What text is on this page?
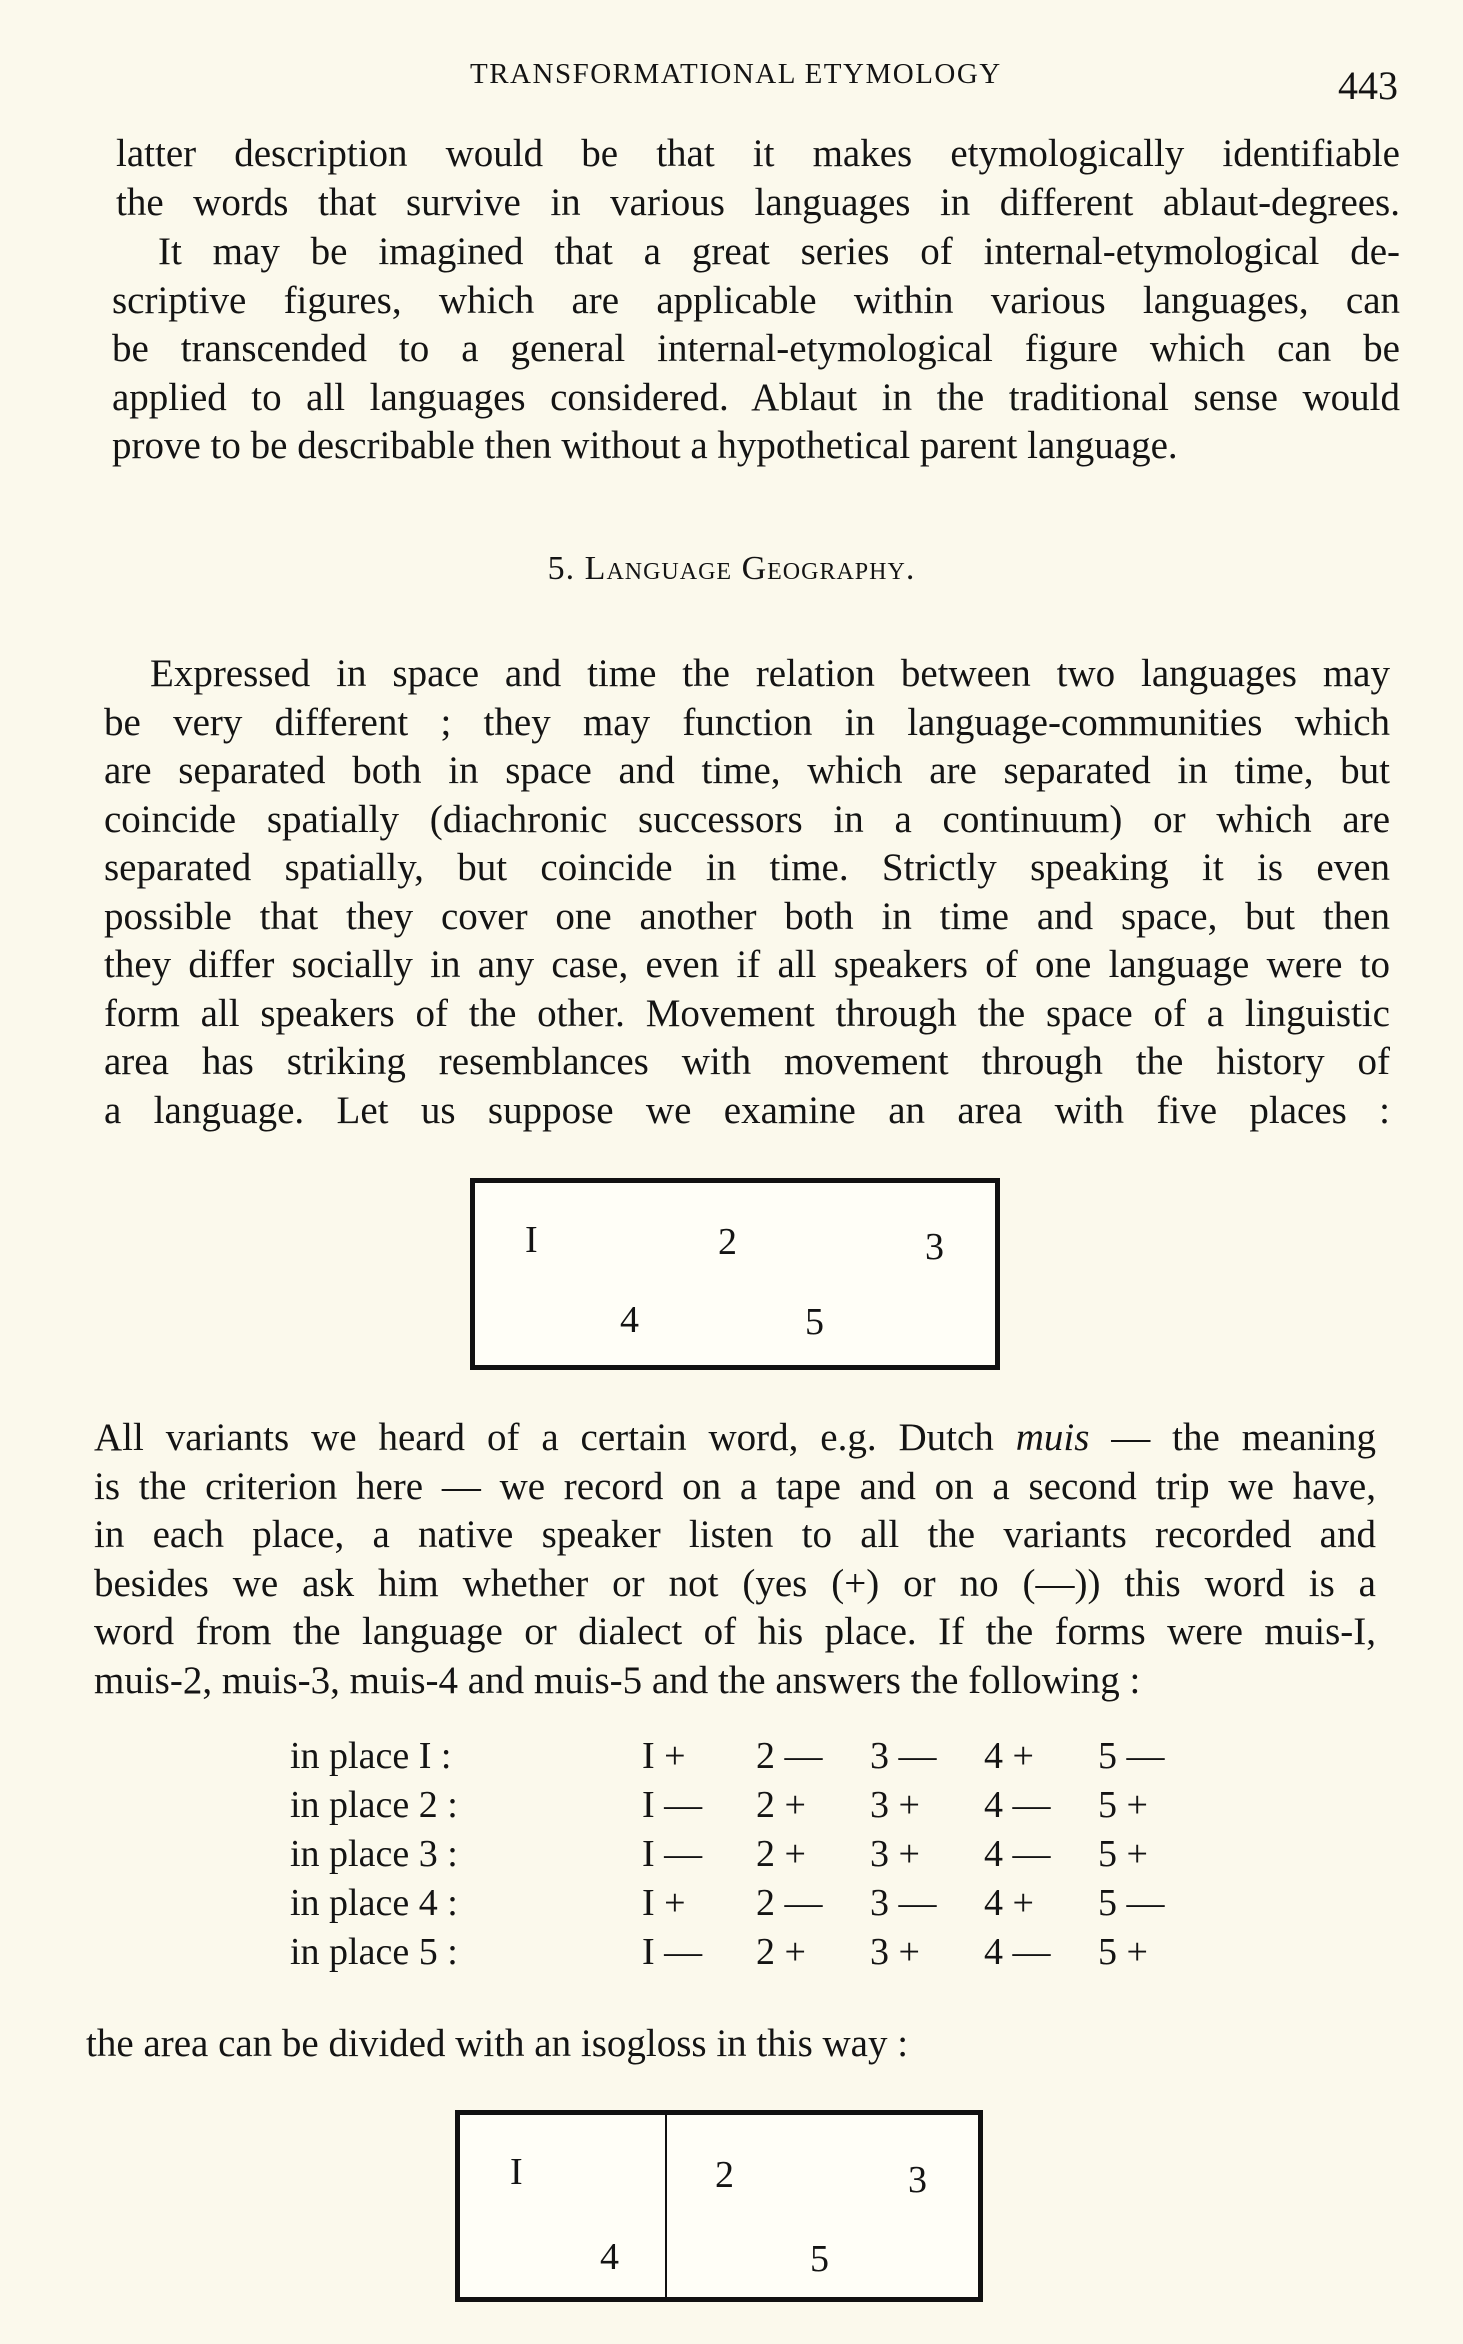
TRANSFORMATIONAL ETYMOLOGY	443
latter description would be that it makes etymologically identifiable
the words that survive in various languages in different ablaut-degrees.
It may be imagined that a great series of internal-etymological de-
scriptive figures, which are applicable within various languages, can
be transcended to a general internal-etymological figure which can be
applied to all languages considered. Ablaut in the traditional sense would
prove to be describable then without a hypothetical parent language.
5. Language Geography.
Expressed in space and time the relation between two languages may
be very different ; they may function in language-communities which
are separated both in space and time, which are separated in time, but
coincide spatially (diachronic successors in a continuum) or which are
separated spatially, but coincide in time. Strictly speaking it is even
possible that they cover one another both in time and space, but then
they differ socially in any case, even if all speakers of one language were to
form all speakers of the other. Movement through the space of a linguistic
area has striking resemblances with movement through the history of
a language. Let us suppose we examine an area with five places :
I	2	3
4	5
All variants we heard of a certain word, e.g. Dutch muis — the meaning
is the criterion here — we record on a tape and on a second trip we have,
in each place, a native speaker listen to all the variants recorded and
besides we ask him whether or not (yes (+) or no (—)) this word is a
word from the language or dialect of his place. If the forms were muis-I,
muis-2, muis-3, muis-4 and muis-5 and the answers the following :
in place I :	I + 2 — 3 — 4 + 5 —
in place 2 :	I — 2 + 3 + 4 — 5 +
in place 3 :	I — 2 + 3 + 4 — 5 +
in place 4 :	I + 2 — 3 — 4 + 5 —
in place 5 :	I — 2 + 3 + 4 — 5 +
the area can be divided with an isogloss in this way :
I	2	3
4	5
